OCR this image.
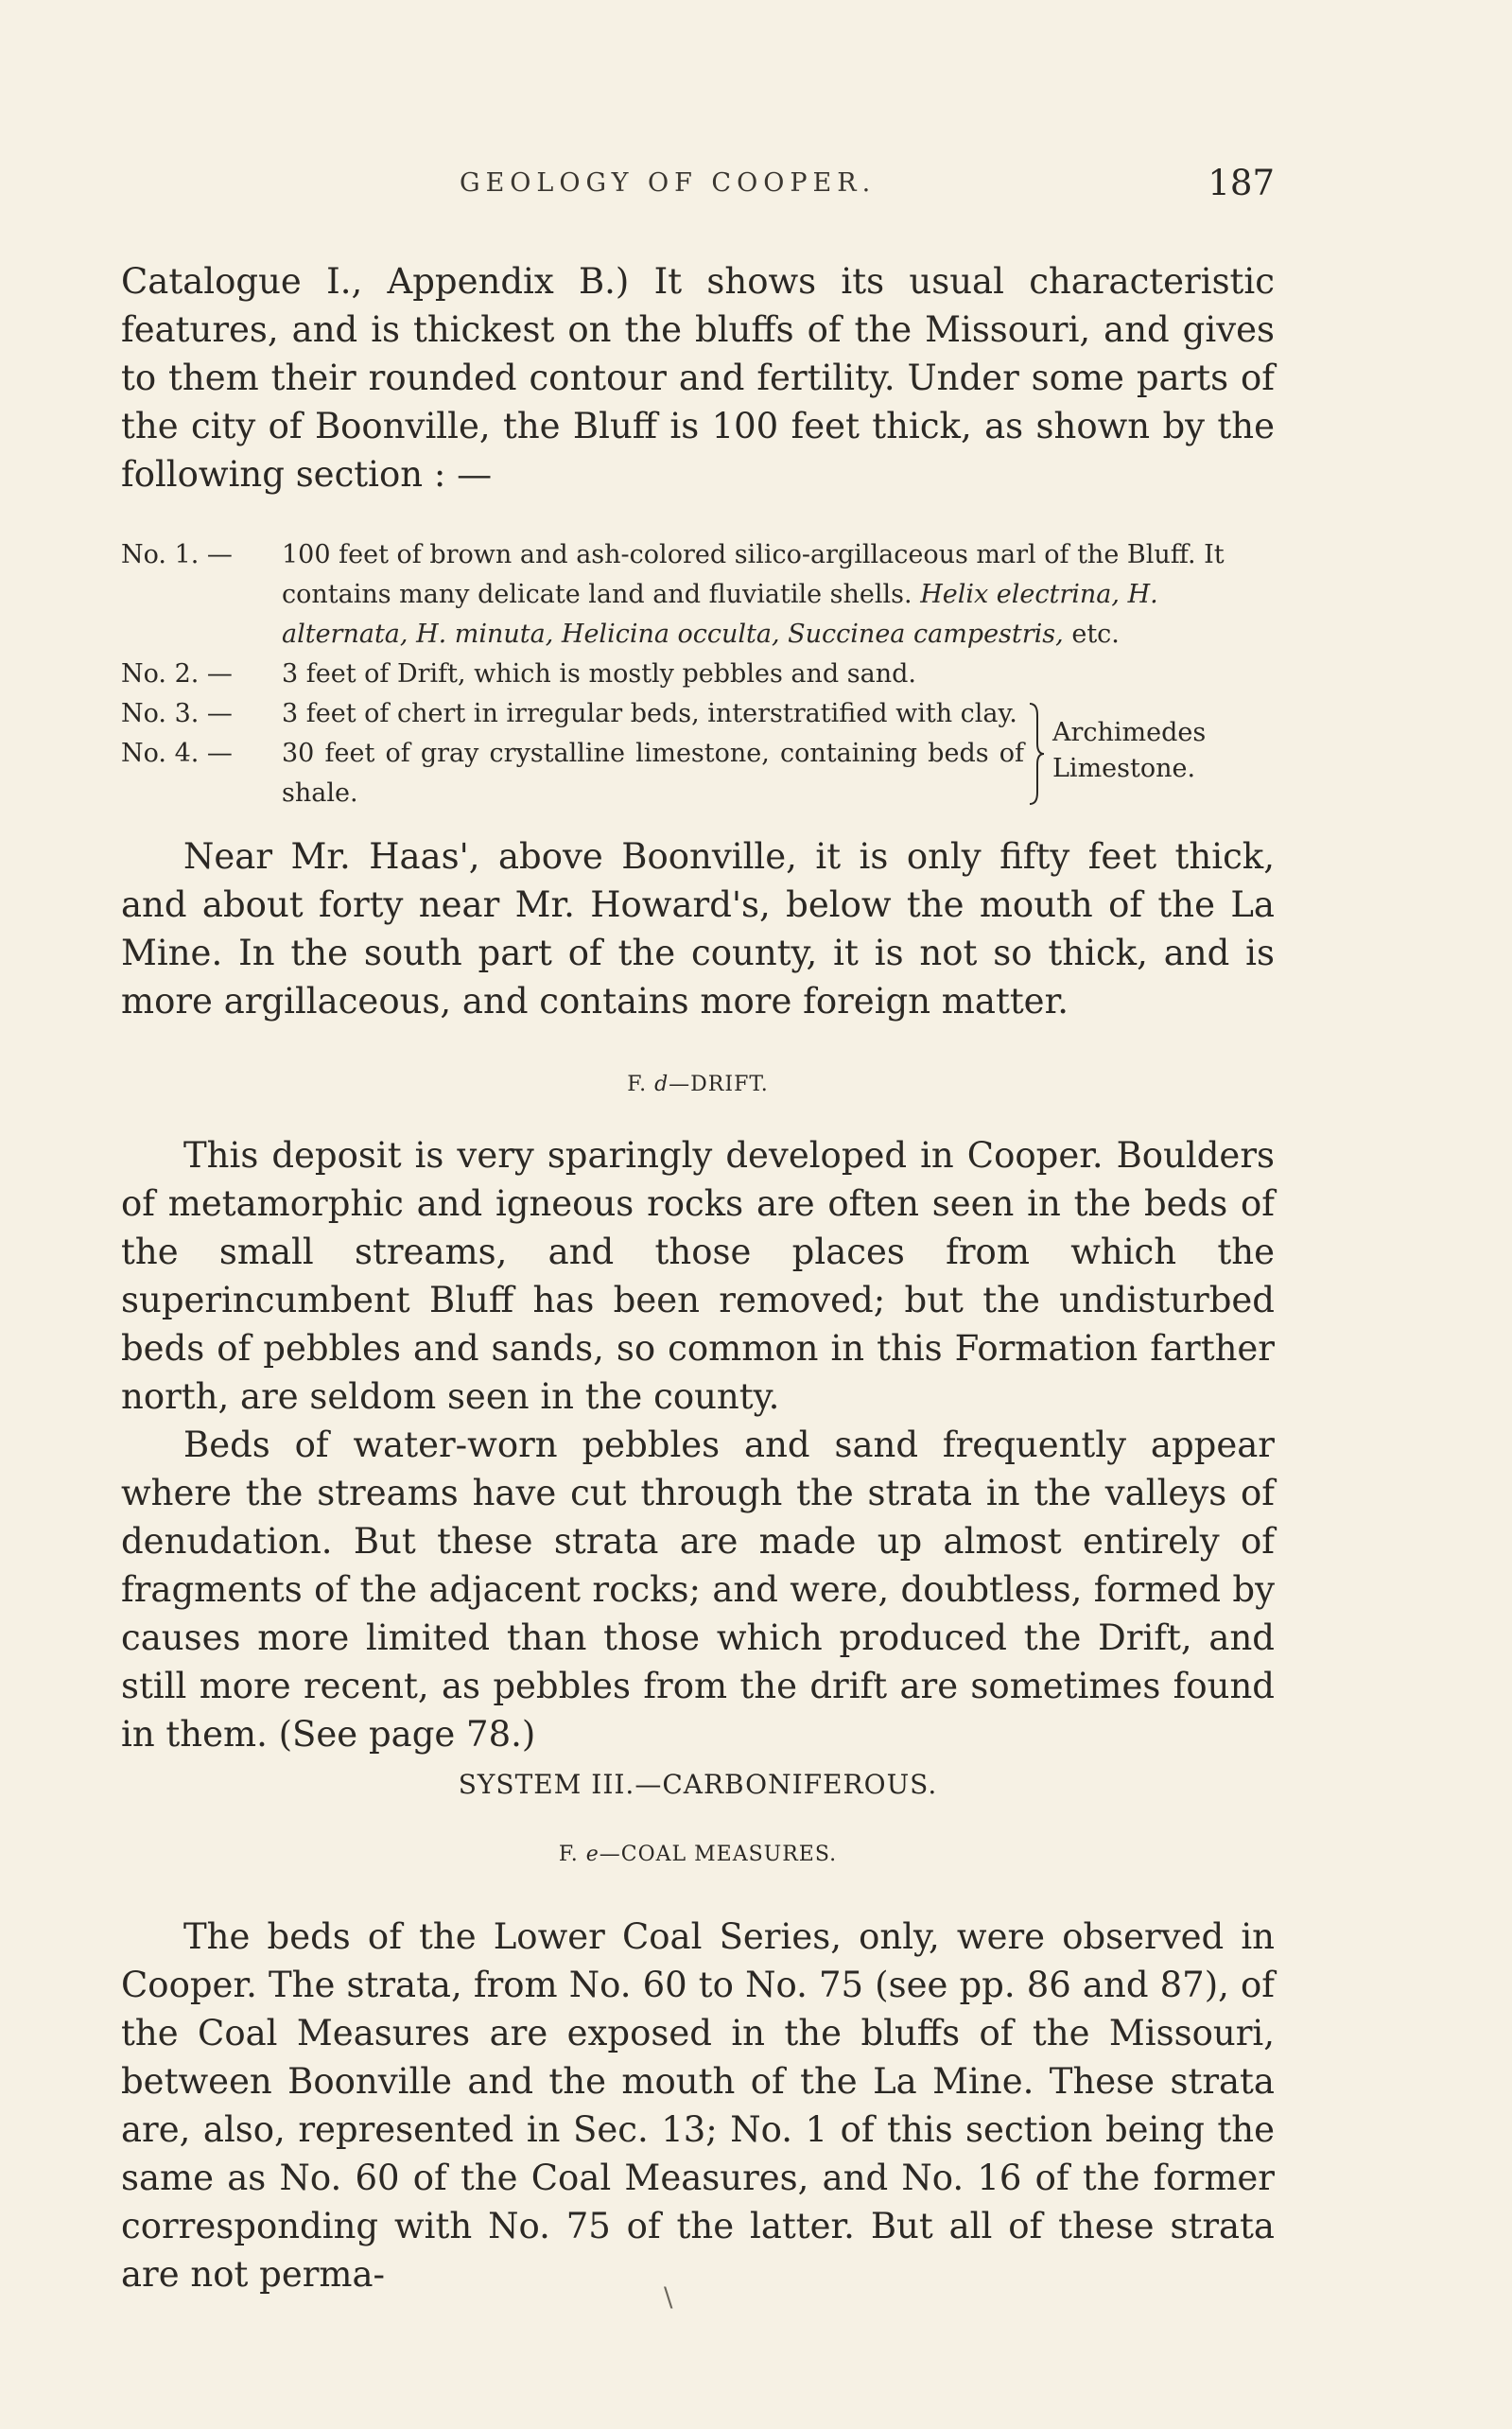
GEOLOGY OF COOPER.	187

Catalogue I., Appendix B.) It shows its usual characteristic features, and is thickest on the bluffs of the Missouri, and gives to them their rounded contour and fertility. Under some parts of the city of Boonville, the Bluff is 100 feet thick, as shown by the following section : —

No. 1. —	100 feet of brown and ash-colored silico-argillaceous marl of the Bluff. It contains many delicate land and fluviatile shells. Helix electrina, H. alternata, H. minuta, Helicina occulta, Succinea campestris, etc.
No. 2. —	3 feet of Drift, which is mostly pebbles and sand.
No. 3. —	3 feet of chert in irregular beds, interstratified with clay.
No. 4. —	30 feet of gray crystalline limestone, containing beds of shale.
Archimedes
Limestone.

Near Mr. Haas', above Boonville, it is only fifty feet thick, and about forty near Mr. Howard's, below the mouth of the La Mine. In the south part of the county, it is not so thick, and is more argillaceous, and contains more foreign matter.

F. d—DRIFT.

This deposit is very sparingly developed in Cooper. Boulders of metamorphic and igneous rocks are often seen in the beds of the small streams, and those places from which the superincumbent Bluff has been removed; but the undisturbed beds of pebbles and sands, so common in this Formation farther north, are seldom seen in the county.

Beds of water-worn pebbles and sand frequently appear where the streams have cut through the strata in the valleys of denudation. But these strata are made up almost entirely of fragments of the adjacent rocks; and were, doubtless, formed by causes more limited than those which produced the Drift, and still more recent, as pebbles from the drift are sometimes found in them. (See page 78.)

SYSTEM III.—CARBONIFEROUS.
F. e—COAL MEASURES.

The beds of the Lower Coal Series, only, were observed in Cooper. The strata, from No. 60 to No. 75 (see pp. 86 and 87), of the Coal Measures are exposed in the bluffs of the Missouri, between Boonville and the mouth of the La Mine. These strata are, also, represented in Sec. 13; No. 1 of this section being the same as No. 60 of the Coal Measures, and No. 16 of the former corresponding with No. 75 of the latter. But all of these strata are not perma-

\
